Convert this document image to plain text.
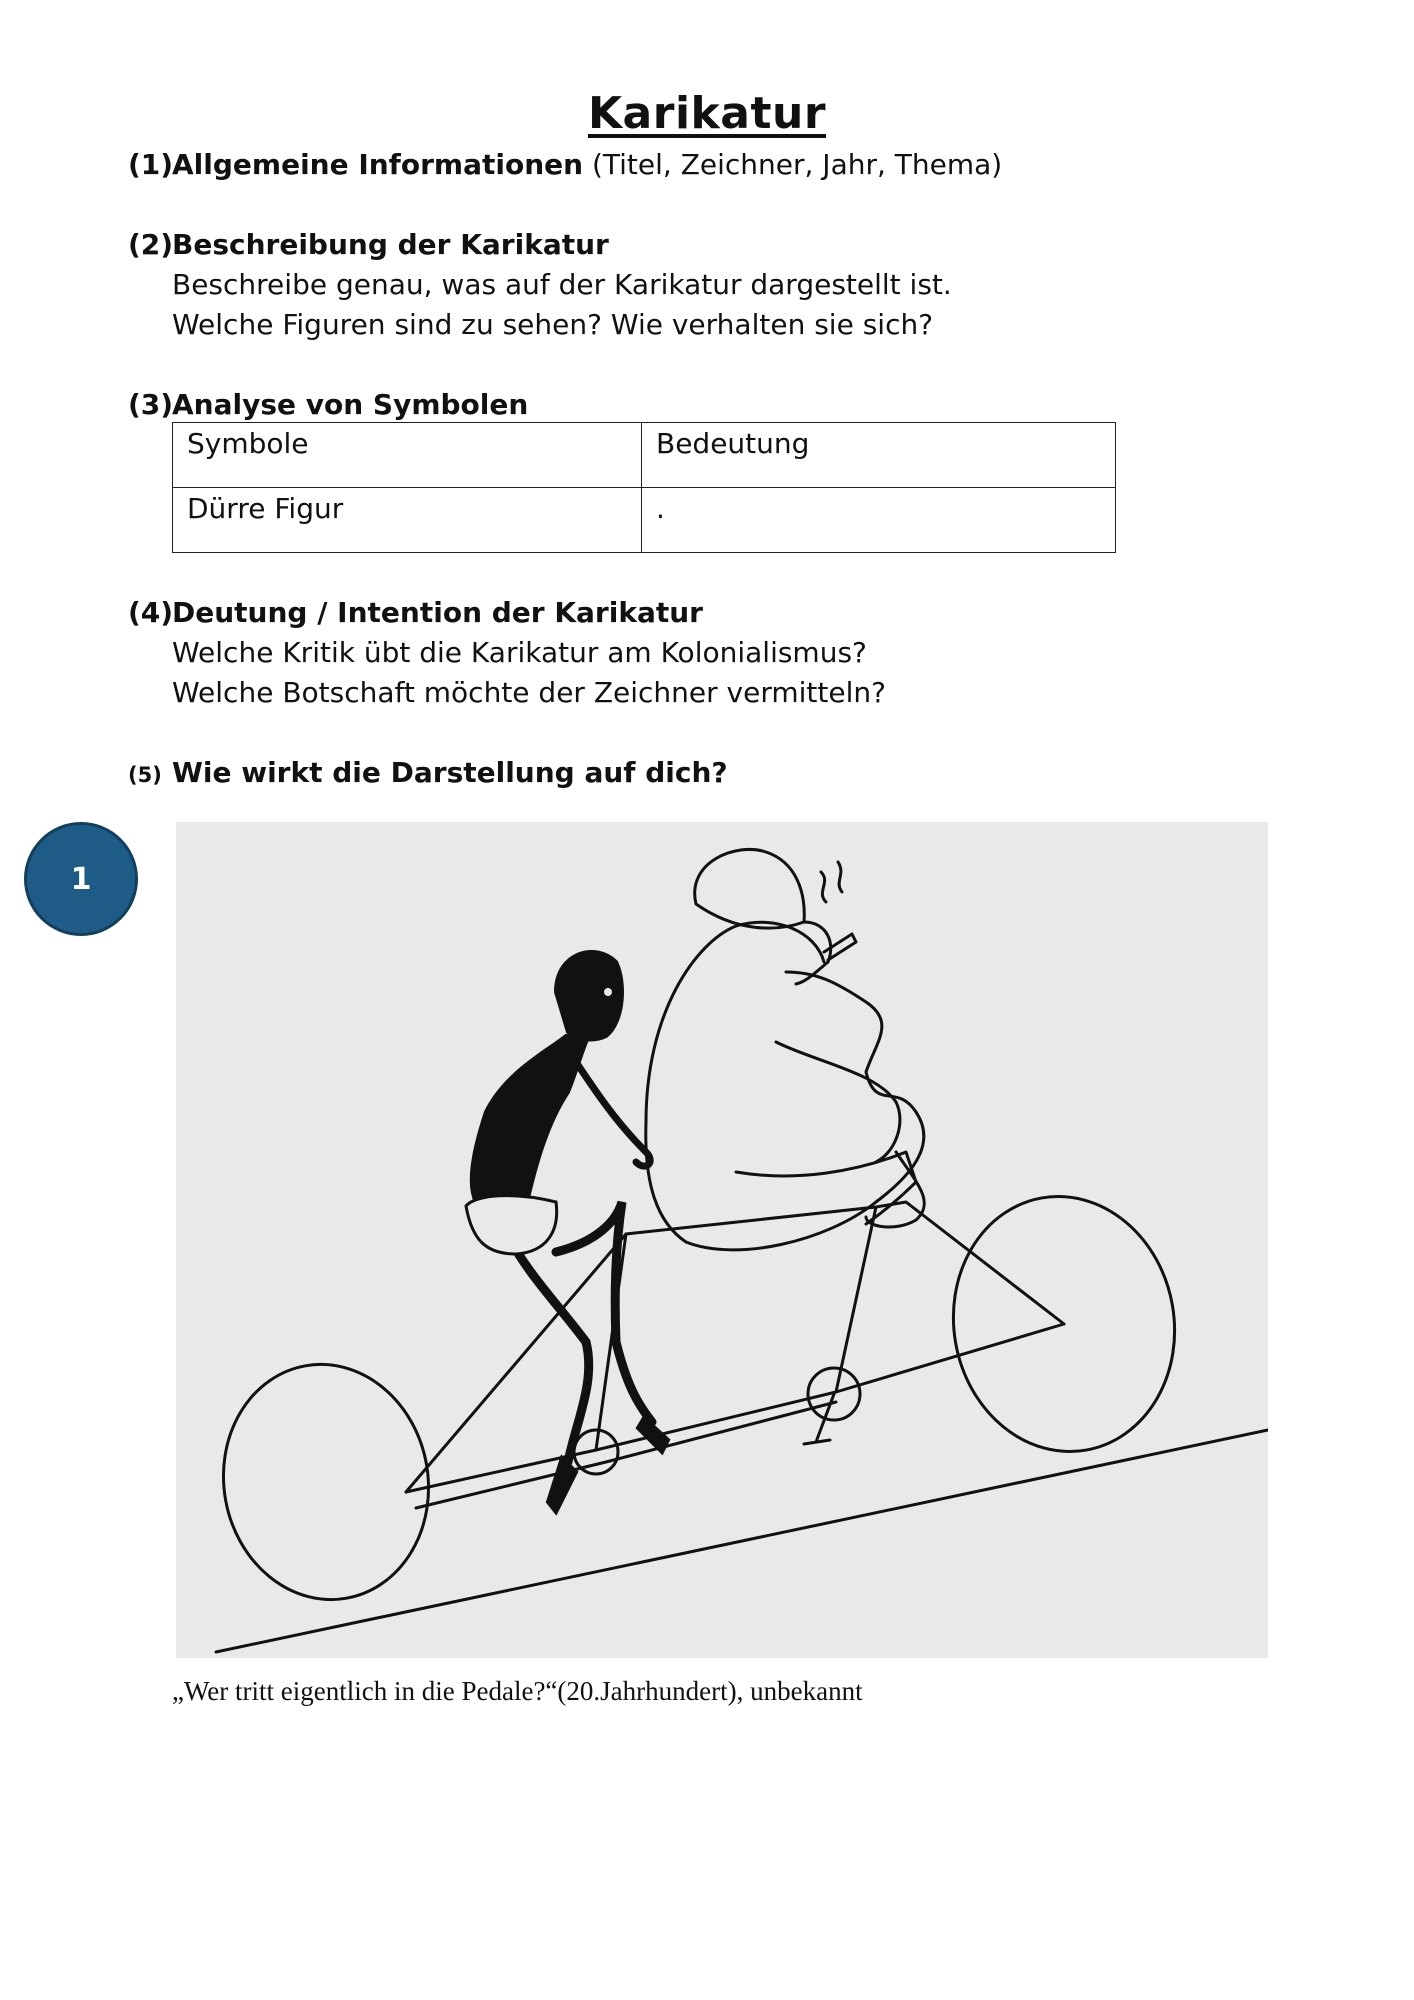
Karikatur
(1)Allgemeine Informationen (Titel, Zeichner, Jahr, Thema)
(2)Beschreibung der Karikatur
Beschreibe genau, was auf der Karikatur dargestellt ist.
Welche Figuren sind zu sehen? Wie verhalten sie sich?
(3)Analyse von Symbolen
Symbole	Bedeutung
Dürre Figur	.
(4)Deutung / Intention der Karikatur
Welche Kritik übt die Karikatur am Kolonialismus?
Welche Botschaft möchte der Zeichner vermitteln?
(5) Wie wirkt die Darstellung auf dich?
1
„Wer tritt eigentlich in die Pedale?“(20.Jahrhundert), unbekannt
